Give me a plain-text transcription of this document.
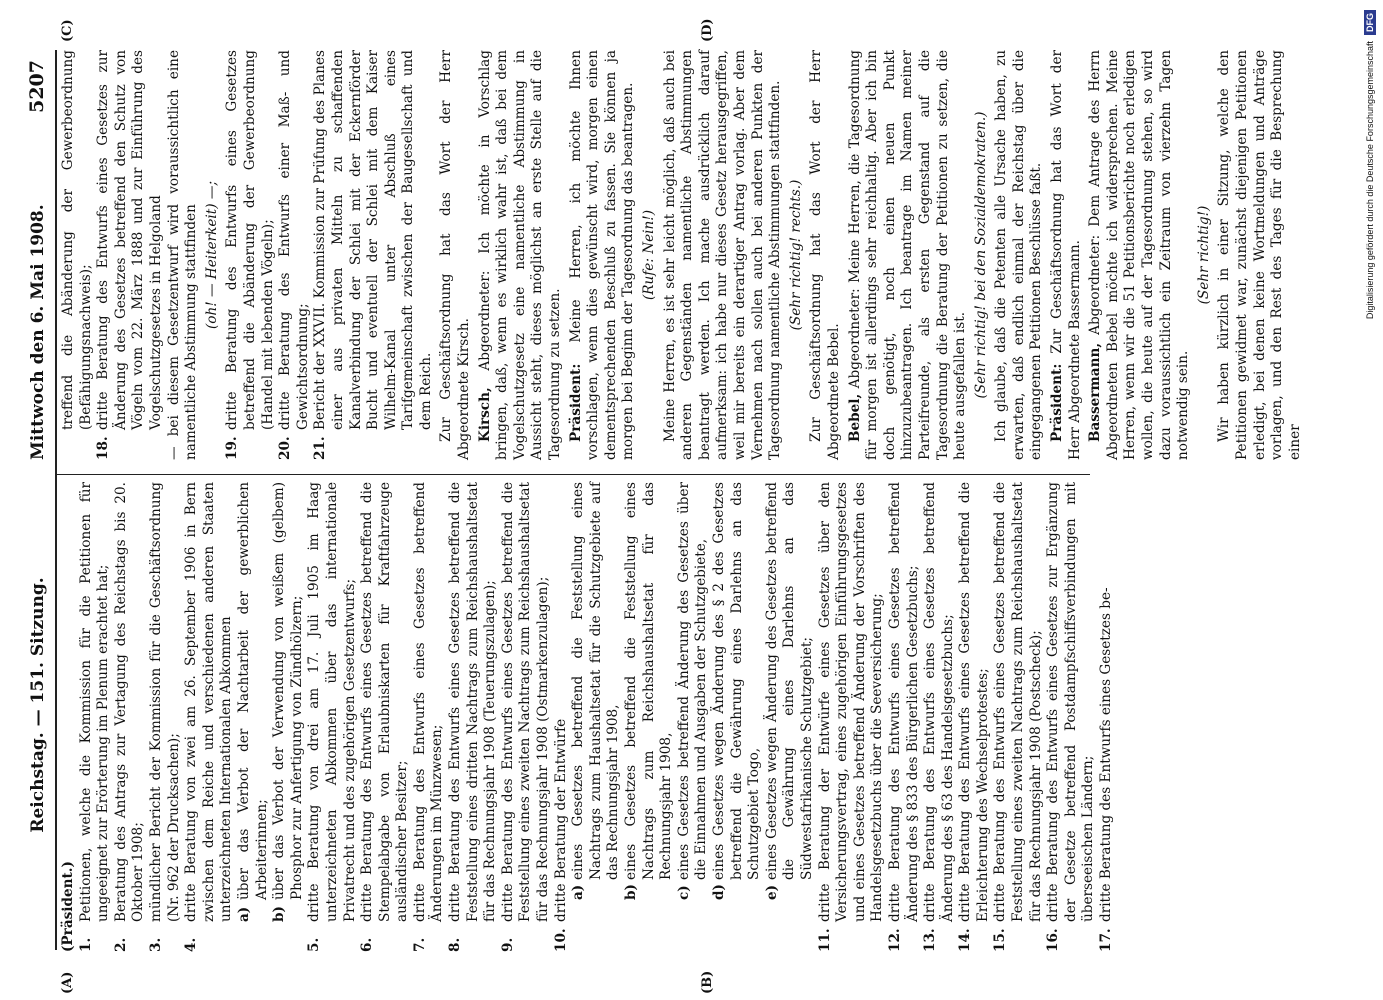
Reichstag. — 151. Sitzung.
Mittwoch den 6. Mai 1908.
5207
(A)	(B)
(C)	(D)
(Präsident.) 1.
Petitionen, welche die Kommission für die Petitionen für ungeeignet zur Erörterung im Plenum erachtet hat;
2.
Beratung des Antrags zur Vertagung des Reichstags bis 20. Oktober 1908;
3.
mündlicher Bericht der Kommission für die Geschäftsordnung (Nr. 962 der Drucksachen);
4.
dritte Beratung von zwei am 26. September 1906 in Bern zwischen dem Reiche und verschiedenen anderen Staaten unterzeichneten Internationalen Abkommen a)
über das Verbot der Nachtarbeit der gewerblichen Arbeiterinnen;
b)
über das Verbot der Verwendung von weißem (gelbem) Phosphor zur Anfertigung von Zündhölzern;
5.
dritte Beratung von drei am 17. Juli 1905 im Haag unterzeichneten Abkommen über das internationale Privatrecht und des zugehörigen Gesetzentwurfs;
6.
dritte Beratung des Entwurfs eines Gesetzes betreffend die Stempelabgabe von Erlaubniskarten für Kraftfahrzeuge ausländischer Besitzer;
7.
dritte Beratung des Entwurfs eines Gesetzes betreffend Änderungen im Münzwesen;
8.
dritte Beratung des Entwurfs eines Gesetzes betreffend die Feststellung eines dritten Nachtrags zum Reichshaushaltsetat für das Rechnungsjahr 1908 (Teuerungszulagen);
9.
dritte Beratung des Entwurfs eines Gesetzes betreffend die Feststellung eines zweiten Nachtrags zum Reichshaushaltsetat für das Rechnungsjahr 1908 (Ostmarkenzulagen);
10.
dritte Beratung der Entwürfe a)
eines Gesetzes betreffend die Feststellung eines Nachtrags zum Haushaltsetat für die Schutzgebiete auf das Rechnungsjahr 1908,
b)
eines Gesetzes betreffend die Feststellung eines Nachtrags zum Reichshaushaltsetat für das Rechnungsjahr 1908,
c)
eines Gesetzes betreffend Änderung des Gesetzes über die Einnahmen und Ausgaben der Schutzgebiete,
d)
eines Gesetzes wegen Änderung des § 2 des Gesetzes betreffend die Gewährung eines Darlehns an das Schutzgebiet Togo,
e)
eines Gesetzes wegen Änderung des Gesetzes betreffend die Gewährung eines Darlehns an das Südwestafrikanische Schutzgebiet;
11.
dritte Beratung der Entwürfe eines Gesetzes über den Versicherungsvertrag, eines zugehörigen Einführungsgesetzes und eines Gesetzes betreffend Änderung der Vorschriften des Handelsgesetzbuchs über die Seeversicherung;
12.
dritte Beratung des Entwurfs eines Gesetzes betreffend Änderung des § 833 des Bürgerlichen Gesetzbuchs;
13.
dritte Beratung des Entwurfs eines Gesetzes betreffend Änderung des § 63 des Handelsgesetzbuchs;
14.
dritte Beratung des Entwurfs eines Gesetzes betreffend die Erleichterung des Wechselprotestes;
15.
dritte Beratung des Entwurfs eines Gesetzes betreffend die Feststellung eines zweiten Nachtrags zum Reichshaushaltsetat für das Rechnungsjahr 1908 (Postscheck);
16.
dritte Beratung des Entwurfs eines Gesetzes zur Ergänzung der Gesetze betreffend Postdampfschiffsverbindungen mit überseeischen Ländern;
17.
dritte Beratung des Entwurfs eines Gesetzes be-
treffend die Abänderung der Gewerbeordnung (Befähigungsnachweis);
18.
dritte Beratung des Entwurfs eines Gesetzes zur Änderung des Gesetzes betreffend den Schutz von Vögeln vom 22. März 1888 und zur Einführung des Vogelschutzgesetzes in Helgoland — bei diesem Gesetzentwurf wird voraussichtlich eine namentliche Abstimmung stattfinden (oh! — Heiterkeit) —;
19.
dritte Beratung des Entwurfs eines Gesetzes betreffend die Abänderung der Gewerbeordnung (Handel mit lebenden Vögeln);
20.
dritte Beratung des Entwurfs einer Maß- und Gewichtsordnung;
21.
Bericht der XXVII. Kommission zur Prüfung des Planes einer aus privaten Mitteln zu schaffenden Kanalverbindung der Schlei mit der Eckernförder Bucht und eventuell der Schlei mit dem Kaiser Wilhelm-Kanal unter Abschluß eines Tarifgemeinschaft zwischen der Baugesellschaft und dem Reich. Zur Geschäftsordnung hat das Wort der Herr Abgeordnete Kirsch. Kirsch, Abgeordneter: Ich möchte in Vorschlag bringen, daß, wenn es wirklich wahr ist, daß bei dem Vogelschutzgesetz eine namentliche Abstimmung in Aussicht steht, dieses möglichst an erste Stelle auf die Tagesordnung zu setzen. Präsident: Meine Herren, ich möchte Ihnen vorschlagen, wenn dies gewünscht wird, morgen einen dementsprechenden Beschluß zu fassen. Sie können ja morgen bei Beginn der Tagesordnung das beantragen. (Rufe: Nein!) Meine Herren, es ist sehr leicht möglich, daß auch bei anderen Gegenständen namentliche Abstimmungen beantragt werden. Ich mache ausdrücklich darauf aufmerksam: ich habe nur dieses Gesetz herausgegriffen, weil mir bereits ein derartiger Antrag vorlag. Aber dem Vernehmen nach sollen auch bei anderen Punkten der Tagesordnung namentliche Abstimmungen stattfinden. (Sehr richtig! rechts.) Zur Geschäftsordnung hat das Wort der Herr Abgeordnete Bebel. Bebel, Abgeordneter: Meine Herren, die Tagesordnung für morgen ist allerdings sehr reichhaltig. Aber ich bin doch genötigt, noch einen neuen Punkt hinzuzubeantragen. Ich beantrage im Namen meiner Parteifreunde, als ersten Gegenstand auf die Tagesordnung die Beratung der Petitionen zu setzen, die heute ausgefallen ist. (Sehr richtig! bei den Sozialdemokraten.) Ich glaube, daß die Petenten alle Ursache haben, zu erwarten, daß endlich einmal der Reichstag über die eingegangenen Petitionen Beschlüsse faßt. Präsident: Zur Geschäftsordnung hat das Wort der Herr Abgeordnete Bassermann. Bassermann, Abgeordneter: Dem Antrage des Herrn Abgeordneten Bebel möchte ich widersprechen. Meine Herren, wenn wir die 51 Petitionsberichte noch erledigen wollen, die heute auf der Tagesordnung stehen, so wird dazu voraussichtlich ein Zeitraum von vierzehn Tagen notwendig sein.

(Sehr richtig!) Wir haben kürzlich in einer Sitzung, welche den Petitionen gewidmet war, zunächst diejenigen Petitionen erledigt, bei denen keine Wortmeldungen und Anträge vorlagen, und den Rest des Tages für die Besprechung einer

Digitalisierung gefördert durch die Deutsche Forschungsgemeinschaft
DFG
